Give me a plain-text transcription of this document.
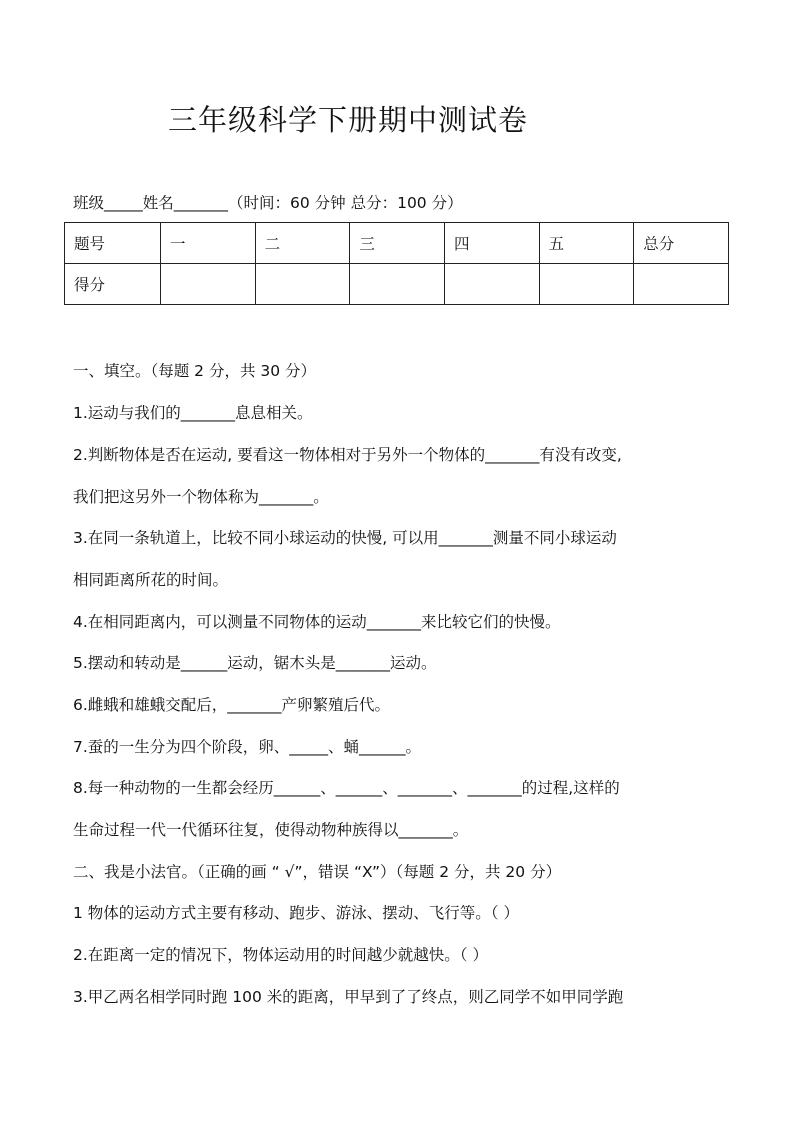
三年级科学下册期中测试卷
班级_____姓名_______（时间：60 分钟 总分：100 分）
题号	一	二	三	四	五	总分
得分						
一、填空。（每题 2 分，共 30 分）
1.运动与我们的_______息息相关。
2.判断物体是否在运动, 要看这一物体相对于另外一个物体的_______有没有改变,
我们把这另外一个物体称为_______。
3.在同一条轨道上，比较不同小球运动的快慢, 可以用_______测量不同小球运动
相同距离所花的时间。
4.在相同距离内，可以测量不同物体的运动_______来比较它们的快慢。
5.摆动和转动是______运动，锯木头是_______运动。
6.雌蛾和雄蛾交配后，_______产卵繁殖后代。
7.蚕的一生分为四个阶段，卵、_____、蛹______。
8.每一种动物的一生都会经历______、______、_______、_______的过程,这样的
生命过程一代一代循环往复，使得动物种族得以_______。
二、我是小法官。（正确的画 “ √”，错误 “X”）（每题 2 分，共 20 分）
1 物体的运动方式主要有移动、跑步、游泳、摆动、飞行等。（ ）
2.在距离一定的情况下，物体运动用的时间越少就越快。（ ）
3.甲乙两名相学同时跑 100 米的距离，甲早到了了终点，则乙同学不如甲同学跑
